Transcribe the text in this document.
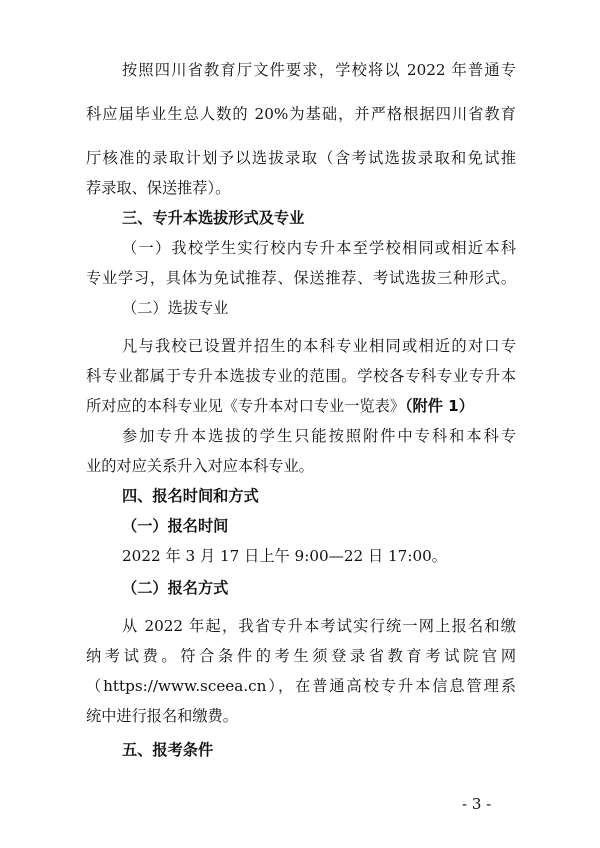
按照四川省教育厅文件要求，学校将以 2022 年普通专
科应届毕业生总人数的 20%为基础，并严格根据四川省教育
厅核准的录取计划予以选拔录取（含考试选拔录取和免试推
荐录取、保送推荐）。
三、专升本选拔形式及专业
（一）我校学生实行校内专升本至学校相同或相近本科
专业学习，具体为免试推荐、保送推荐、考试选拔三种形式。
（二）选拔专业
凡与我校已设置并招生的本科专业相同或相近的对口专
科专业都属于专升本选拔专业的范围。学校各专科专业专升本
所对应的本科专业见《专升本对口专业一览表》（附件 1）
参加专升本选拔的学生只能按照附件中专科和本科专
业的对应关系升入对应本科专业。
四、报名时间和方式
（一）报名时间
2022 年 3 月 17 日上午 9:00—22 日 17:00。
（二）报名方式
从 2022 年起，我省专升本考试实行统一网上报名和缴
纳考试费。符合条件的考生须登录省教育考试院官网
（https://www.sceea.cn），在普通高校专升本信息管理系
统中进行报名和缴费。
五、报考条件
- 3 -
